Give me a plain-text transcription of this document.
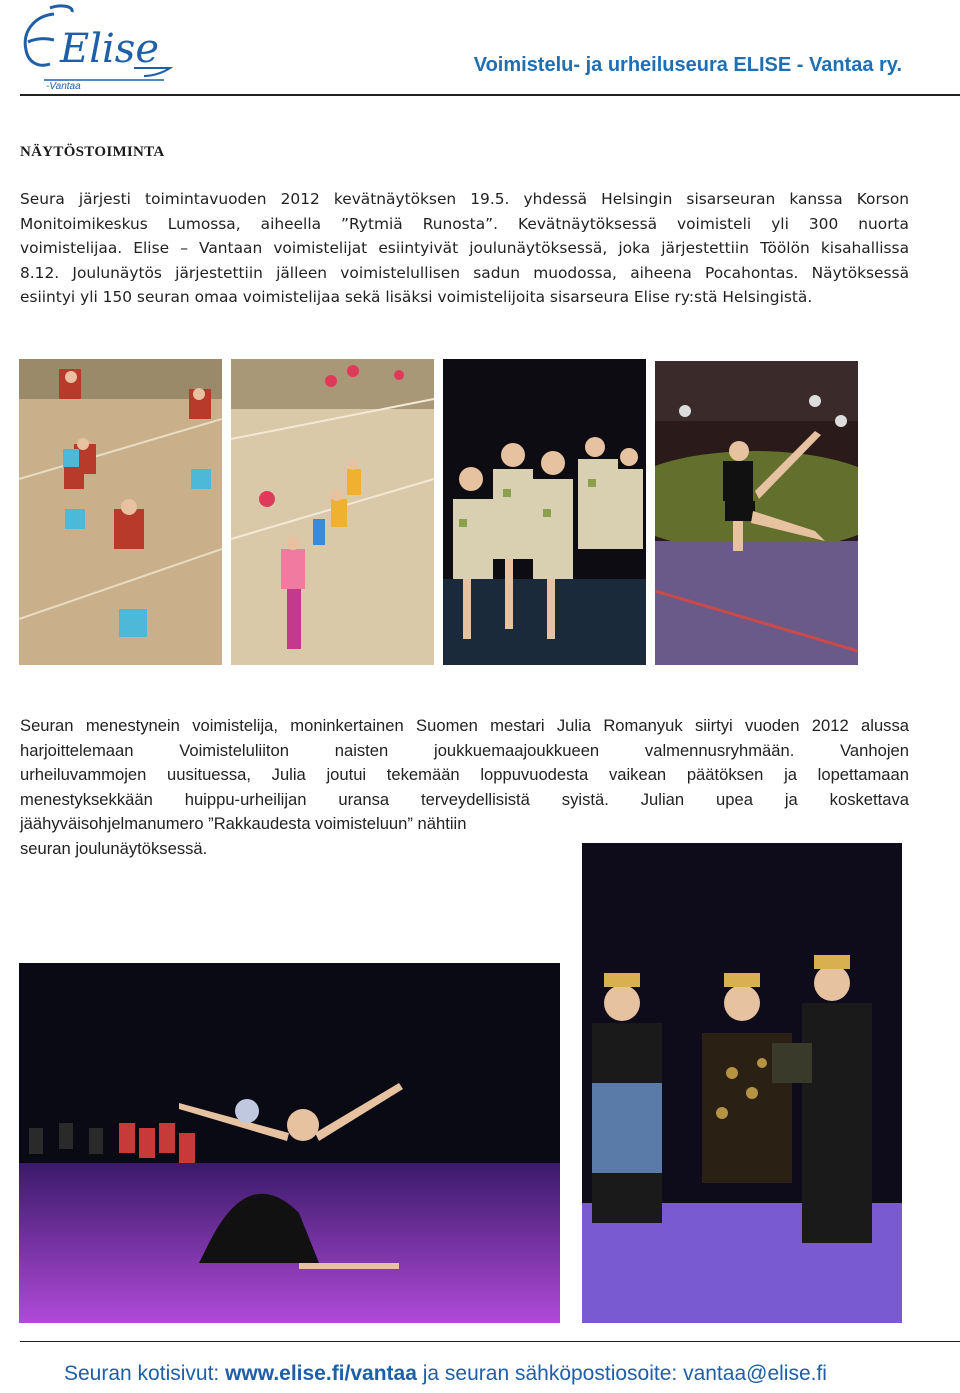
Elise
-Vantaa
Voimistelu- ja urheiluseura ELISE - Vantaa ry.
NÄYTÖSTOIMINTA
Seura järjesti toimintavuoden 2012 kevätnäytöksen 19.5. yhdessä Helsingin sisarseuran kanssa Korson
Monitoimikeskus Lumossa, aiheella ”Rytmiä Runosta”. Kevätnäytöksessä voimisteli yli 300 nuorta
voimistelijaa. Elise – Vantaan voimistelijat esiintyivät joulunäytöksessä, joka järjestettiin Töölön kisahallissa
8.12. Joulunäytös järjestettiin jälleen voimistelullisen sadun muodossa, aiheena Pocahontas. Näytöksessä
esiintyi yli 150 seuran omaa voimistelijaa sekä lisäksi voimistelijoita sisarseura Elise ry:stä Helsingistä.
Seuran menestynein voimistelija, moninkertainen Suomen mestari Julia Romanyuk siirtyi vuoden 2012 alussa
harjoittelemaan Voimisteluliiton naisten joukkuemaajoukkueen valmennusryhmään. Vanhojen
urheiluvammojen uusituessa, Julia joutui tekemään loppuvuodesta vaikean päätöksen ja lopettamaan
menestyksekkään huippu-urheilijan uransa terveydellisistä syistä. Julian upea ja koskettava
jäähyväisohjelmanumero ”Rakkaudesta voimisteluun” nähtiin
seuran joulunäytöksessä.
Seuran kotisivut: www.elise.fi/vantaa ja seuran sähköpostiosoite: vantaa@elise.fi
